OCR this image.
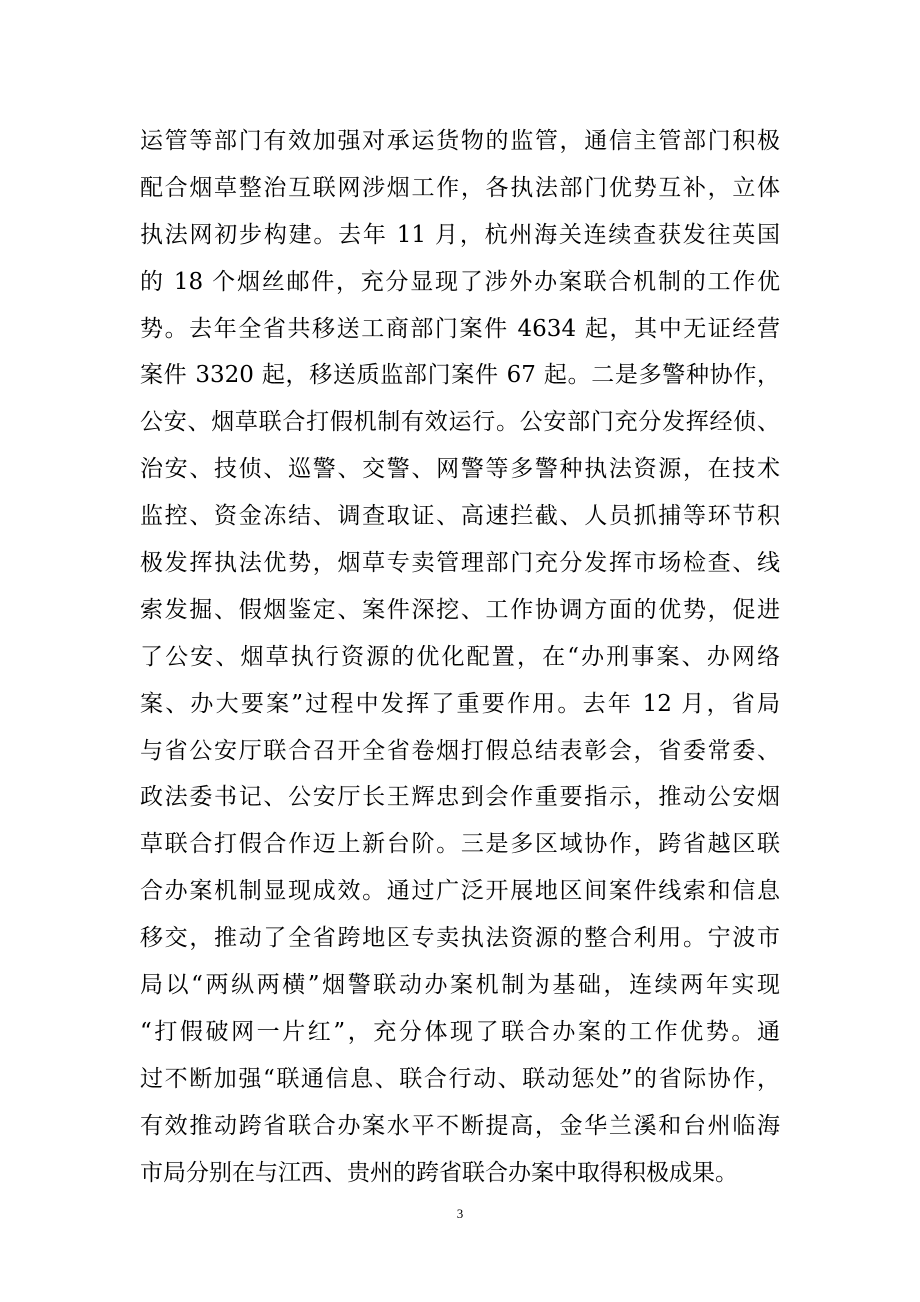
运管等部门有效加强对承运货物的监管，通信主管部门积极
配合烟草整治互联网涉烟工作，各执法部门优势互补，立体
执法网初步构建。去年 11 月，杭州海关连续查获发往英国
的 18 个烟丝邮件，充分显现了涉外办案联合机制的工作优
势。去年全省共移送工商部门案件 4634 起，其中无证经营
案件 3320 起，移送质监部门案件 67 起。二是多警种协作，
公安、烟草联合打假机制有效运行。公安部门充分发挥经侦、
治安、技侦、巡警、交警、网警等多警种执法资源，在技术
监控、资金冻结、调查取证、高速拦截、人员抓捕等环节积
极发挥执法优势，烟草专卖管理部门充分发挥市场检查、线
索发掘、假烟鉴定、案件深挖、工作协调方面的优势，促进
了公安、烟草执行资源的优化配置，在“办刑事案、办网络
案、办大要案”过程中发挥了重要作用。去年 12 月，省局
与省公安厅联合召开全省卷烟打假总结表彰会，省委常委、
政法委书记、公安厅长王辉忠到会作重要指示，推动公安烟
草联合打假合作迈上新台阶。三是多区域协作，跨省越区联
合办案机制显现成效。通过广泛开展地区间案件线索和信息
移交，推动了全省跨地区专卖执法资源的整合利用。宁波市
局以“两纵两横”烟警联动办案机制为基础，连续两年实现
“打假破网一片红”，充分体现了联合办案的工作优势。通
过不断加强“联通信息、联合行动、联动惩处”的省际协作，
有效推动跨省联合办案水平不断提高，金华兰溪和台州临海
市局分别在与江西、贵州的跨省联合办案中取得积极成果。
3
